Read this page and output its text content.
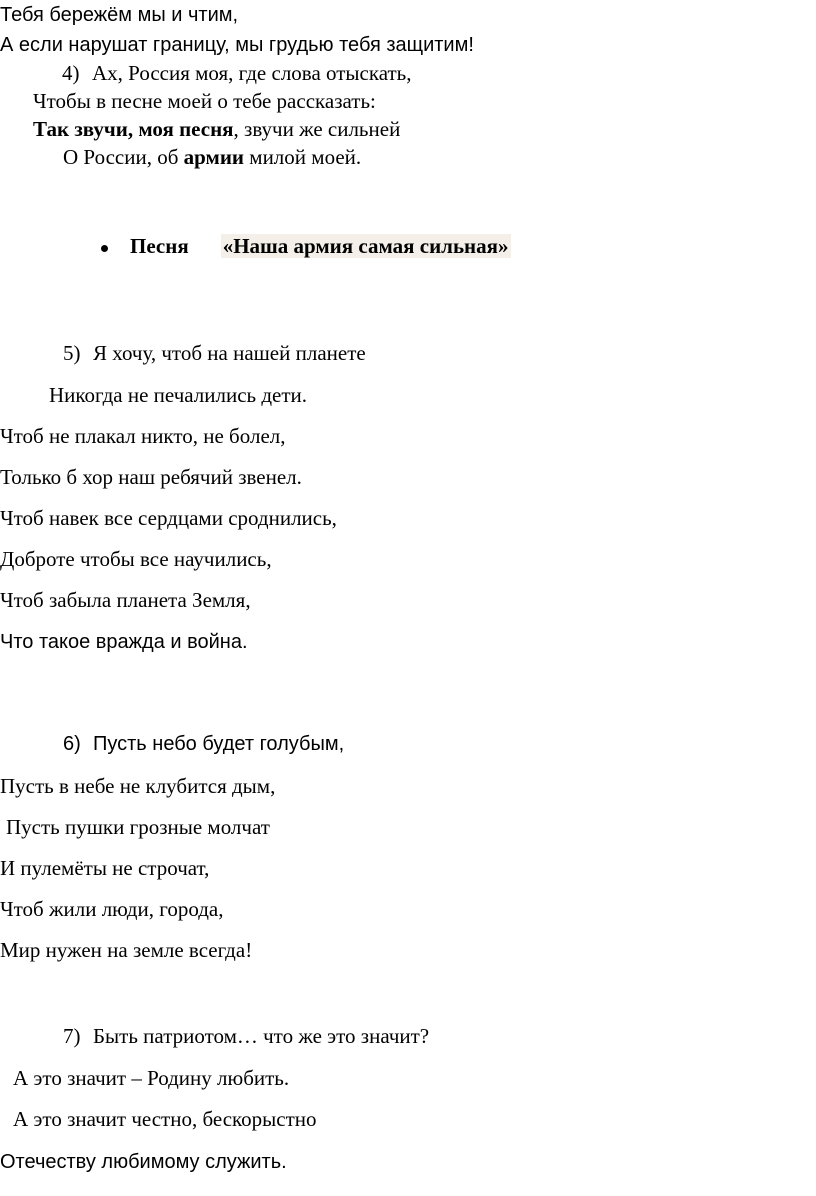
Тебя бережём мы и чтим,
А если нарушат границу, мы грудью тебя защитим!
4) Ах, Россия моя, где слова отыскать,
Чтобы в песне моей о тебе рассказать:
Так звучи, моя песня, звучи же сильней
О России, об армии милой моей.
Песня «Наша армия самая сильная»
5) Я хочу, чтоб на нашей планете
Никогда не печалились дети.
Чтоб не плакал никто, не болел,
Только б хор наш ребячий звенел.
Чтоб навек все сердцами сроднились,
Доброте чтобы все научились,
Чтоб забыла планета Земля,
Что такое вражда и война.
6) Пусть небо будет голубым,
Пусть в небе не клубится дым,
Пусть пушки грозные молчат
И пулемёты не строчат,
Чтоб жили люди, города,
Мир нужен на земле всегда!
7) Быть патриотом… что же это значит?
А это значит – Родину любить.
А это значит честно, бескорыстно
Отечеству любимому служить.
